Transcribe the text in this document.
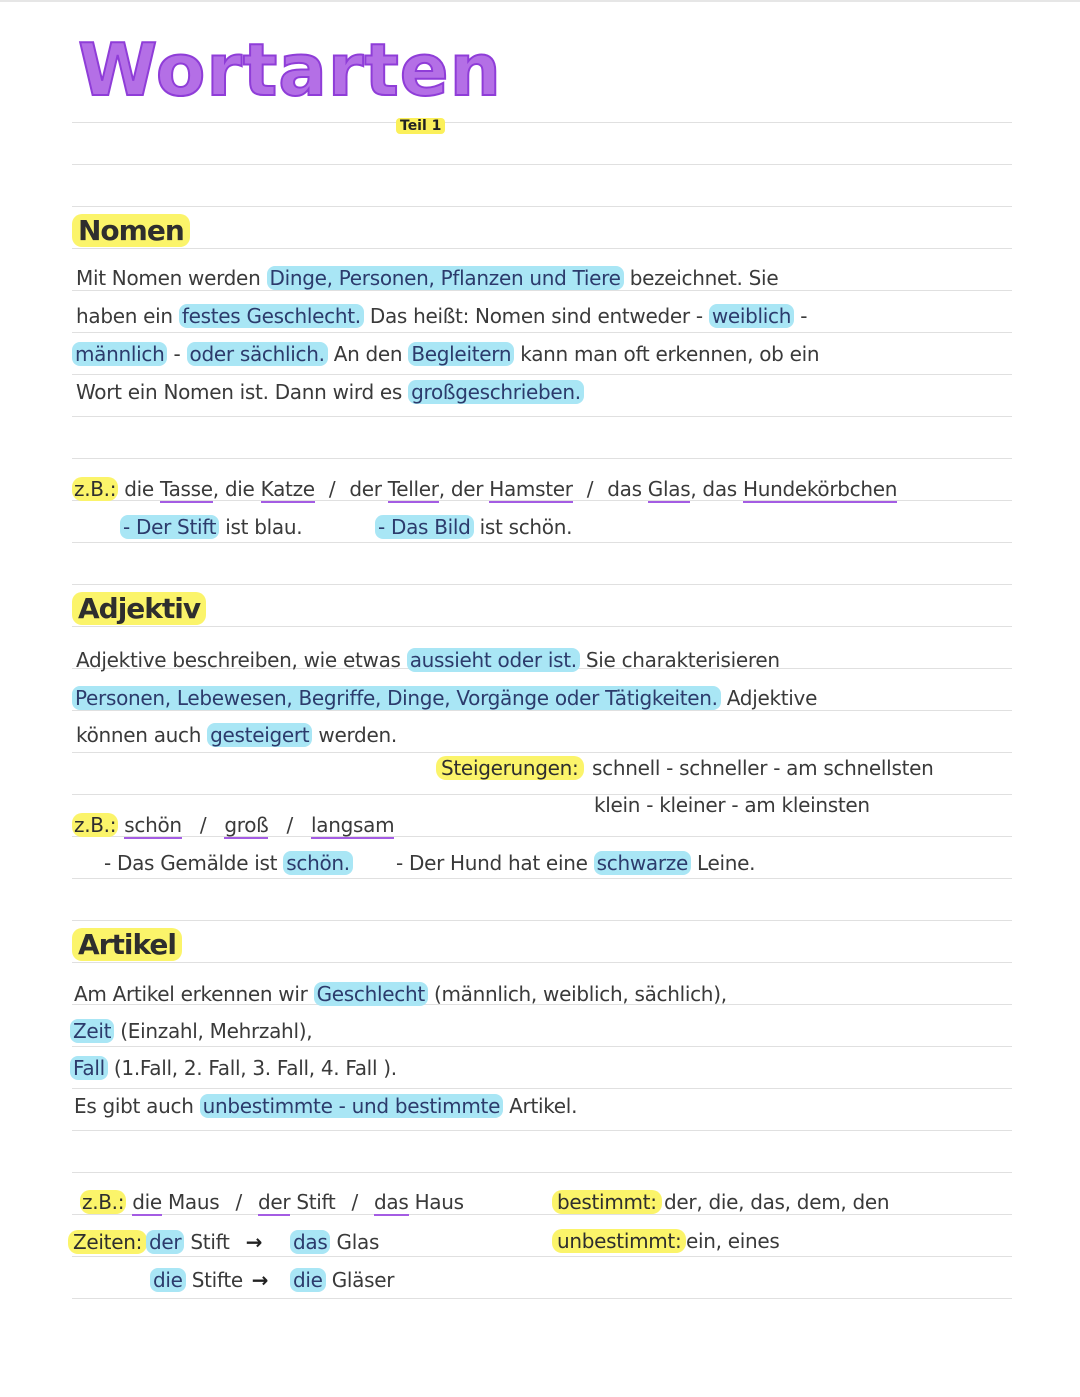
Wortarten
Teil 1
Nomen
Mit Nomen werden Dinge, Personen, Pflanzen und Tiere bezeichnet. Sie
haben ein festes Geschlecht. Das heißt: Nomen sind entweder - weiblich -
männlich - oder sächlich. An den Begleitern kann man oft erkennen, ob ein
Wort ein Nomen ist. Dann wird es großgeschrieben.
z.B.: die Tasse, die Katze / der Teller, der Hamster / das Glas, das Hundekörbchen
- Der Stift ist blau.	- Das Bild ist schön.
Adjektiv
Adjektive beschreiben, wie etwas aussieht oder ist. Sie charakterisieren
Personen, Lebewesen, Begriffe, Dinge, Vorgänge oder Tätigkeiten. Adjektive
können auch gesteigert werden.
Steigerungen: schnell - schneller - am schnellsten
klein - kleiner - am kleinsten
z.B.: schön / groß / langsam
- Das Gemälde ist schön. - Der Hund hat eine schwarze Leine.
Artikel
Am Artikel erkennen wir Geschlecht (männlich, weiblich, sächlich),
Zeit (Einzahl, Mehrzahl),
Fall (1.Fall, 2. Fall, 3. Fall, 4. Fall ).
Es gibt auch unbestimmte - und bestimmte Artikel.
z.B.: die Maus / der Stift / das Haus
Zeiten: der Stift →	das Glas
die Stifte →	die Gläser
bestimmt: der, die, das, dem, den
unbestimmt: ein, eines
